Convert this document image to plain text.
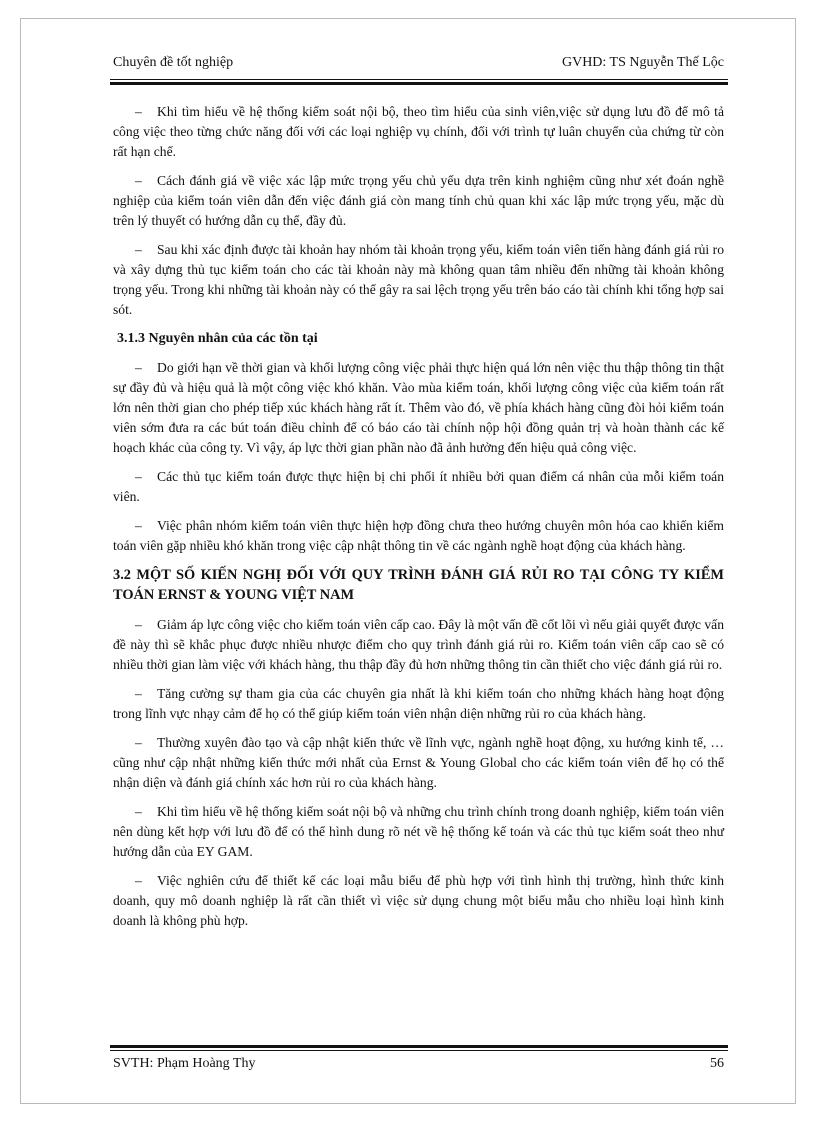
Chuyên đề tốt nghiệp	GVHD: TS Nguyễn Thế Lộc

– Khi tìm hiểu về hệ thống kiểm soát nội bộ, theo tìm hiểu của sinh viên,việc sử dụng lưu đồ để mô tả công việc theo từng chức năng đối với các loại nghiệp vụ chính, đối với trình tự luân chuyển của chứng từ còn rất hạn chế.

– Cách đánh giá về việc xác lập mức trọng yếu chủ yếu dựa trên kinh nghiệm cũng như xét đoán nghề nghiệp của kiểm toán viên dẫn đến việc đánh giá còn mang tính chủ quan khi xác lập mức trọng yếu, mặc dù trên lý thuyết có hướng dẫn cụ thể, đầy đủ.

– Sau khi xác định được tài khoản hay nhóm tài khoản trọng yếu, kiểm toán viên tiến hàng đánh giá rủi ro và xây dựng thủ tục kiểm toán cho các tài khoản này mà không quan tâm nhiều đến những tài khoản không trọng yếu. Trong khi những tài khoản này có thể gây ra sai lệch trọng yếu trên báo cáo tài chính khi tổng hợp sai sót.

3.1.3 Nguyên nhân của các tồn tại

– Do giới hạn về thời gian và khối lượng công việc phải thực hiện quá lớn nên việc thu thập thông tin thật sự đầy đủ và hiệu quả là một công việc khó khăn. Vào mùa kiểm toán, khối lượng công việc của kiểm toán rất lớn nên thời gian cho phép tiếp xúc khách hàng rất ít. Thêm vào đó, về phía khách hàng cũng đòi hỏi kiểm toán viên sớm đưa ra các bút toán điều chỉnh để có báo cáo tài chính nộp hội đồng quản trị và hoàn thành các kế hoạch khác của công ty. Vì vậy, áp lực thời gian phần nào đã ảnh hưởng đến hiệu quả công việc.

– Các thủ tục kiểm toán được thực hiện bị chi phối ít nhiều bởi quan điểm cá nhân của mỗi kiểm toán viên.

– Việc phân nhóm kiểm toán viên thực hiện hợp đồng chưa theo hướng chuyên môn hóa cao khiến kiểm toán viên gặp nhiều khó khăn trong việc cập nhật thông tin về các ngành nghề hoạt động của khách hàng.

3.2 MỘT SỐ KIẾN NGHỊ ĐỐI VỚI QUY TRÌNH ĐÁNH GIÁ RỦI RO TẠI CÔNG TY KIỂM TOÁN ERNST & YOUNG VIỆT NAM

– Giảm áp lực công việc cho kiểm toán viên cấp cao. Đây là một vấn đề cốt lõi vì nếu giải quyết được vấn đề này thì sẽ khắc phục được nhiều nhược điểm cho quy trình đánh giá rủi ro. Kiểm toán viên cấp cao sẽ có nhiều thời gian làm việc với khách hàng, thu thập đầy đủ hơn những thông tin cần thiết cho việc đánh giá rủi ro.

– Tăng cường sự tham gia của các chuyên gia nhất là khi kiểm toán cho những khách hàng hoạt động trong lĩnh vực nhạy cảm để họ có thể giúp kiểm toán viên nhận diện những rủi ro của khách hàng.

– Thường xuyên đào tạo và cập nhật kiến thức về lĩnh vực, ngành nghề hoạt động, xu hướng kinh tế, … cũng như cập nhật những kiến thức mới nhất của Ernst & Young Global cho các kiểm toán viên để họ có thể nhận diện và đánh giá chính xác hơn rủi ro của khách hàng.

– Khi tìm hiểu về hệ thống kiểm soát nội bộ và những chu trình chính trong doanh nghiệp, kiểm toán viên nên dùng kết hợp với lưu đồ để có thể hình dung rõ nét về hệ thống kế toán và các thủ tục kiểm soát theo như hướng dẫn của EY GAM.

– Việc nghiên cứu để thiết kế các loại mẫu biểu để phù hợp với tình hình thị trường, hình thức kinh doanh, quy mô doanh nghiệp là rất cần thiết vì việc sử dụng chung một biểu mẫu cho nhiều loại hình kinh doanh là không phù hợp.

SVTH: Phạm Hoàng Thy	56
